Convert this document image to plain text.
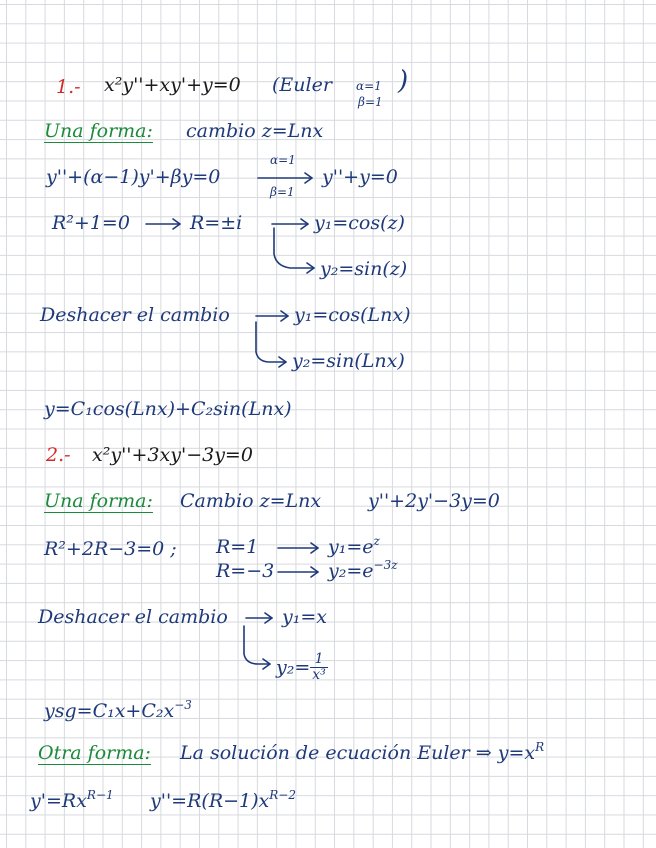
1.- x²y''+xy'+y=0 (Euler α=1
β=1
)
Una forma: cambio z=Lnx
y''+(α−1)y'+βy=0
α=1
β=1
y''+y=0
R²+1=0	R=±i	y₁=cos(z)
y₂=sin(z)
Deshacer el cambio	y₁=cos(Lnx)
y₂=sin(Lnx)
y=C₁cos(Lnx)+C₂sin(Lnx)
2.- x²y''+3xy'−3y=0
Una forma: Cambio z=Lnx y''+2y'−3y=0
R²+2R−3=0 ; R=1	$y_1=e^z$
R=−3	$y_2=e^{-3z}$
Deshacer el cambio	y₁=x
$y_2= \frac{1}{\text{x³}}$
$ysg=C_1x+C_2x^{-3}$
Otra forma: La solución de ecuación Euler ⇒ $y=x^R$
$y'=Rx^{R-1}$ $y''=R(R-1)x^{R-2}$
